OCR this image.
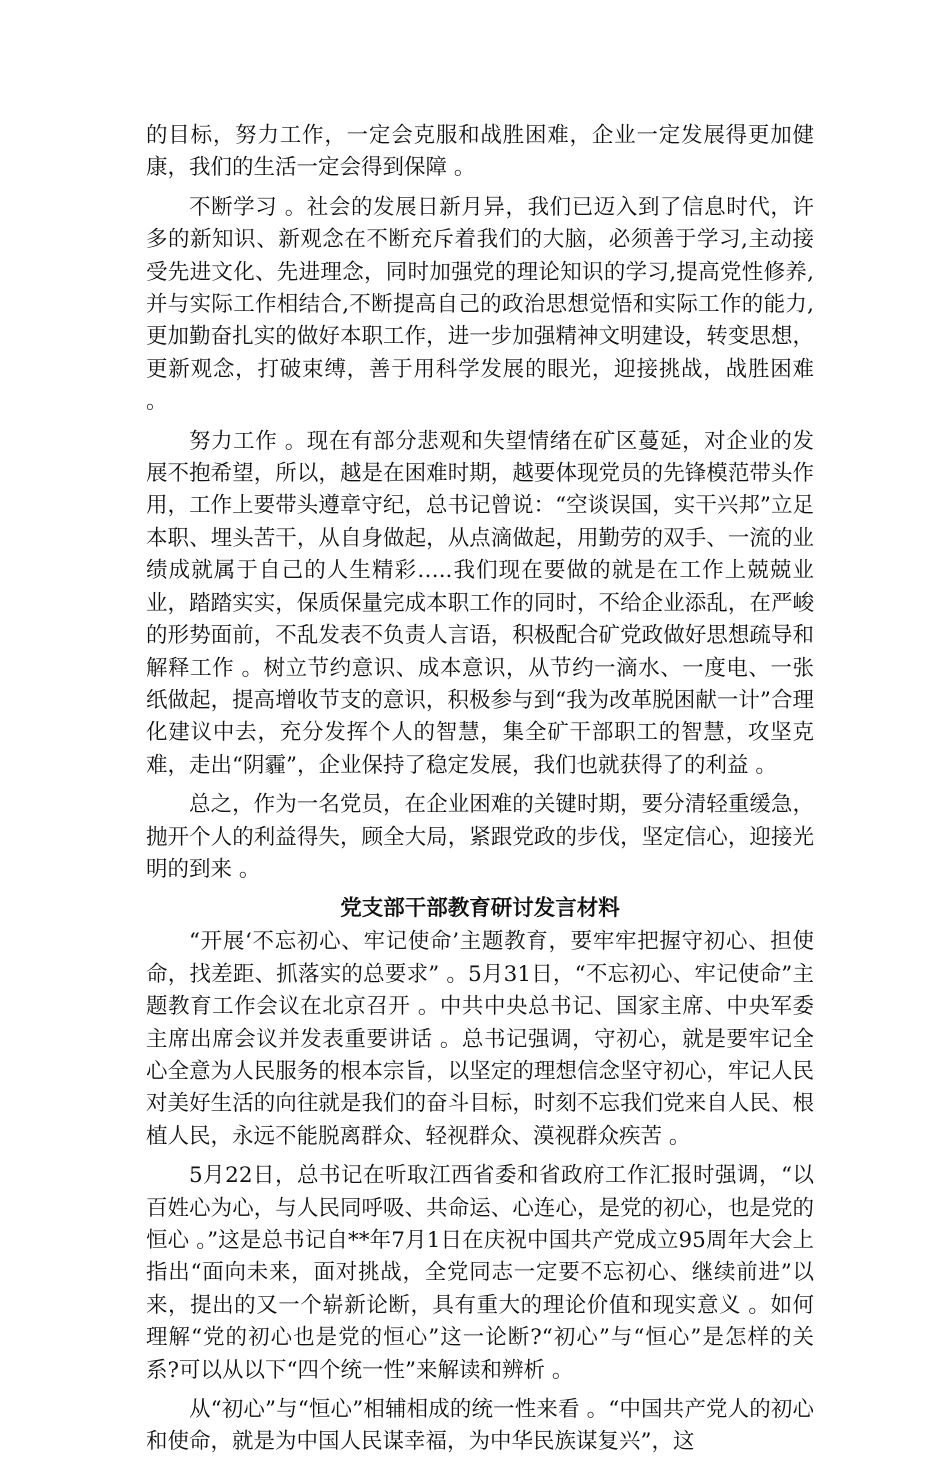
的目标，努力工作，一定会克服和战胜困难，企业一定发展得更加健康，我们的生活一定会得到保障 。

不断学习 。社会的发展日新月异，我们已迈入到了信息时代，许多的新知识、新观念在不断充斥着我们的大脑，必须善于学习,主动接受先进文化、先进理念，同时加强党的理论知识的学习,提高党性修养,并与实际工作相结合,不断提高自己的政治思想觉悟和实际工作的能力,更加勤奋扎实的做好本职工作，进一步加强精神文明建设，转变思想，更新观念，打破束缚，善于用科学发展的眼光，迎接挑战，战胜困难 。

努力工作 。现在有部分悲观和失望情绪在矿区蔓延，对企业的发展不抱希望，所以，越是在困难时期，越要体现党员的先锋模范带头作用，工作上要带头遵章守纪，总书记曾说：“空谈误国，实干兴邦”立足本职、埋头苦干，从自身做起，从点滴做起，用勤劳的双手、一流的业绩成就属于自己的人生精彩…..我们现在要做的就是在工作上兢兢业业，踏踏实实，保质保量完成本职工作的同时，不给企业添乱，在严峻的形势面前，不乱发表不负责人言语，积极配合矿党政做好思想疏导和解释工作 。树立节约意识、成本意识，从节约一滴水、一度电、一张纸做起，提高增收节支的意识，积极参与到“我为改革脱困献一计”合理化建议中去，充分发挥个人的智慧，集全矿干部职工的智慧，攻坚克难，走出“阴霾”，企业保持了稳定发展，我们也就获得了的利益 。

总之，作为一名党员，在企业困难的关键时期，要分清轻重缓急，抛开个人的利益得失，顾全大局，紧跟党政的步伐，坚定信心，迎接光明的到来 。

党支部干部教育研讨发言材料

“开展‘不忘初心、牢记使命’主题教育，要牢牢把握守初心、担使命，找差距、抓落实的总要求” 。5月31日，“不忘初心、牢记使命”主题教育工作会议在北京召开 。中共中央总书记、国家主席、中央军委主席出席会议并发表重要讲话 。总书记强调，守初心，就是要牢记全心全意为人民服务的根本宗旨，以坚定的理想信念坚守初心，牢记人民对美好生活的向往就是我们的奋斗目标，时刻不忘我们党来自人民、根植人民，永远不能脱离群众、轻视群众、漠视群众疾苦 。

5月22日，总书记在听取江西省委和省政府工作汇报时强调，“以百姓心为心，与人民同呼吸、共命运、心连心，是党的初心，也是党的恒心 。”这是总书记自**年7月1日在庆祝中国共产党成立95周年大会上指出“面向未来，面对挑战，全党同志一定要不忘初心、继续前进”以来，提出的又一个崭新论断，具有重大的理论价值和现实意义 。如何理解“党的初心也是党的恒心”这一论断?“初心”与“恒心”是怎样的关系?可以从以下“四个统一性”来解读和辨析 。

从“初心”与“恒心”相辅相成的统一性来看 。“中国共产党人的初心和使命，就是为中国人民谋幸福，为中华民族谋复兴”，这
